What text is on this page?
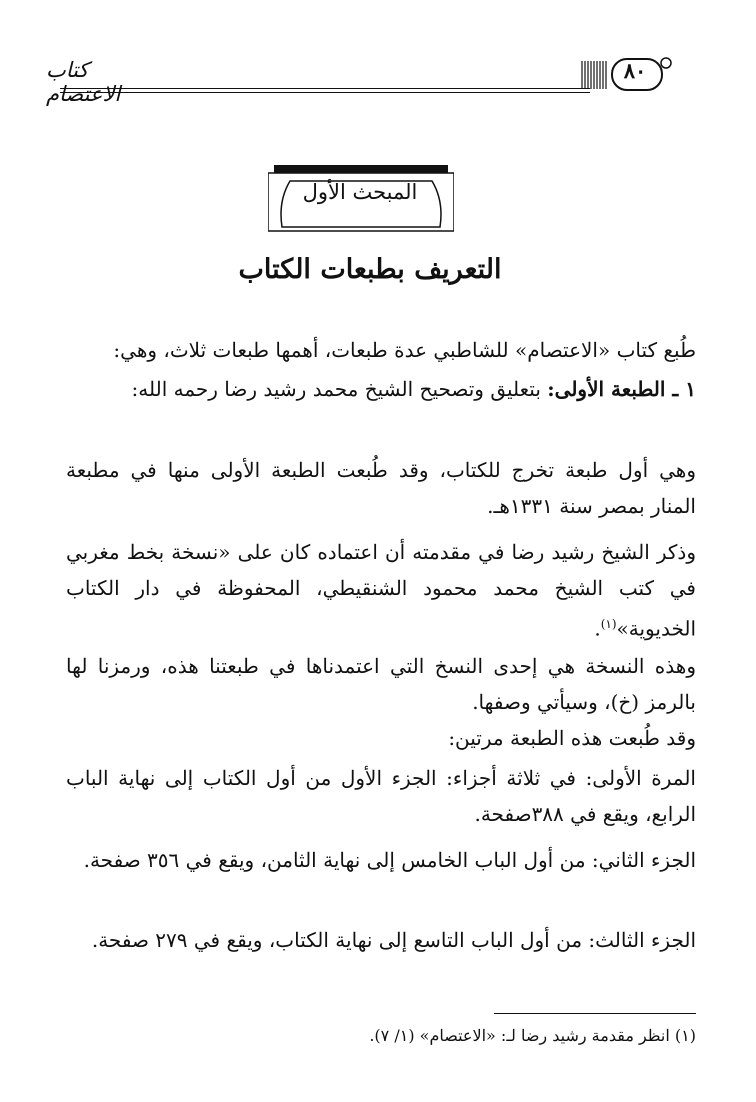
كتاب الاعتصام
٨٠
المبحث الأول
التعريف بطبعات الكتاب
طُبع كتاب «الاعتصام» للشاطبي عدة طبعات، أهمها طبعات ثلاث، وهي:
١ ـ الطبعة الأولى: بتعليق وتصحيح الشيخ محمد رشيد رضا رحمه الله:
وهي أول طبعة تخرج للكتاب، وقد طُبعت الطبعة الأولى منها في مطبعة المنار بمصر سنة ١٣٣١هـ.
وذكر الشيخ رشيد رضا في مقدمته أن اعتماده كان على «نسخة بخط مغربي في كتب الشيخ محمد محمود الشنقيطي، المحفوظة في دار الكتاب الخديوية»$^{(١)}$.
وهذه النسخة هي إحدى النسخ التي اعتمدناها في طبعتنا هذه، ورمزنا لها بالرمز (خ)، وسيأتي وصفها.
وقد طُبعت هذه الطبعة مرتين:
المرة الأولى: في ثلاثة أجزاء: الجزء الأول من أول الكتاب إلى نهاية الباب الرابع، ويقع في ٣٨٨صفحة.
الجزء الثاني: من أول الباب الخامس إلى نهاية الثامن، ويقع في ٣٥٦ صفحة.
الجزء الثالث: من أول الباب التاسع إلى نهاية الكتاب، ويقع في ٢٧٩ صفحة.
(١) انظر مقدمة رشيد رضا لـ: «الاعتصام» (١/ ٧).
